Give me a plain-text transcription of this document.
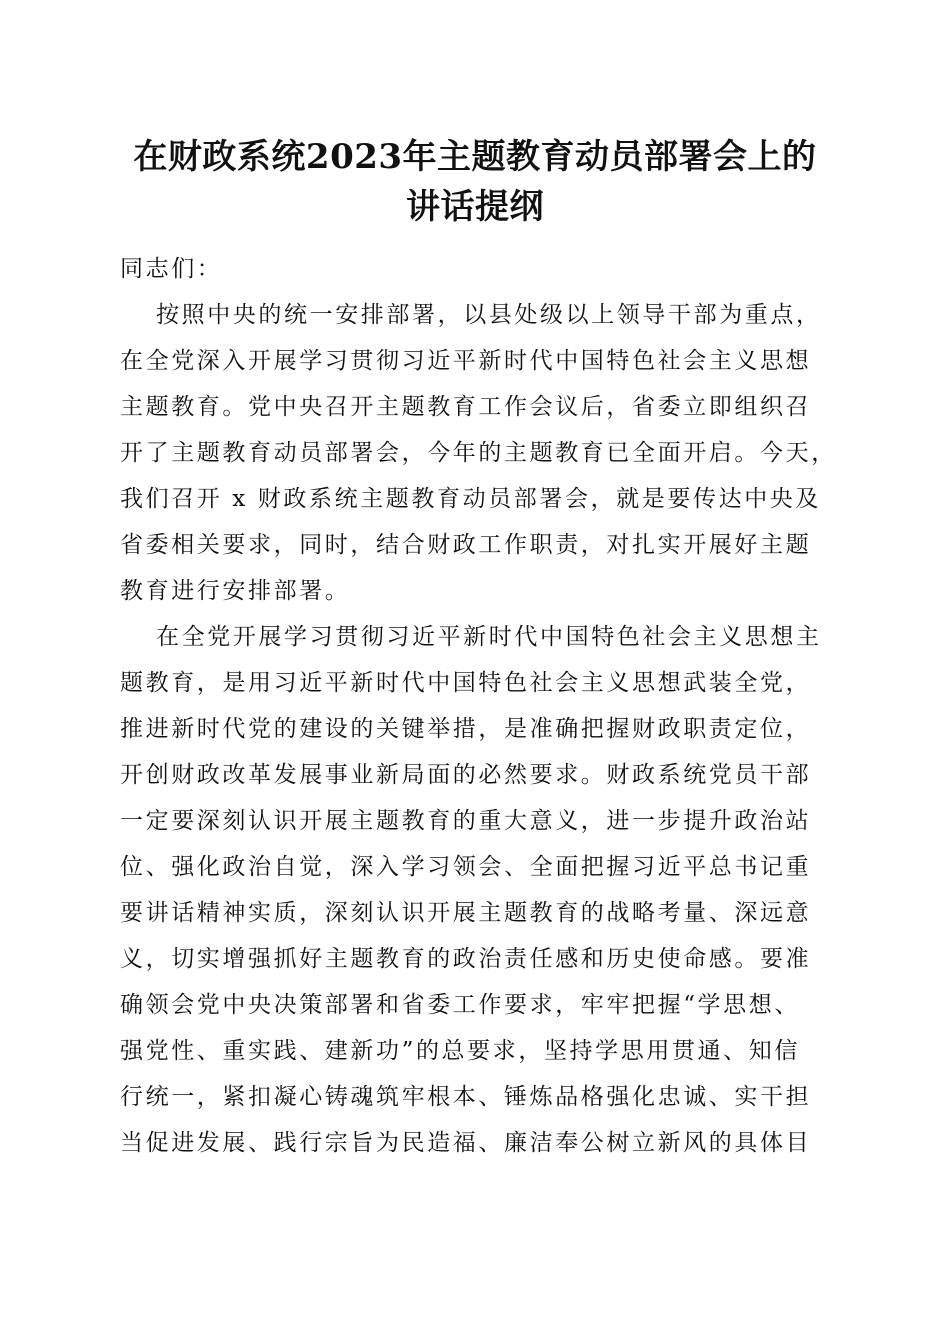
在财政系统2023年主题教育动员部署会上的
讲话提纲
同志们：

按照中央的统一安排部署，以县处级以上领导干部为重点，
在全党深入开展学习贯彻习近平新时代中国特色社会主义思想
主题教育。党中央召开主题教育工作会议后，省委立即组织召
开了主题教育动员部署会，今年的主题教育已全面开启。今天，
我们召开 x 财政系统主题教育动员部署会，就是要传达中央及
省委相关要求，同时，结合财政工作职责，对扎实开展好主题
教育进行安排部署。

在全党开展学习贯彻习近平新时代中国特色社会主义思想主
题教育，是用习近平新时代中国特色社会主义思想武装全党，
推进新时代党的建设的关键举措，是准确把握财政职责定位，
开创财政改革发展事业新局面的必然要求。财政系统党员干部
一定要深刻认识开展主题教育的重大意义，进一步提升政治站
位、强化政治自觉，深入学习领会、全面把握习近平总书记重
要讲话精神实质，深刻认识开展主题教育的战略考量、深远意
义，切实增强抓好主题教育的政治责任感和历史使命感。要准
确领会党中央决策部署和省委工作要求，牢牢把握“学思想、
强党性、重实践、建新功”的总要求，坚持学思用贯通、知信
行统一，紧扣凝心铸魂筑牢根本、锤炼品格强化忠诚、实干担
当促进发展、践行宗旨为民造福、廉洁奉公树立新风的具体目
